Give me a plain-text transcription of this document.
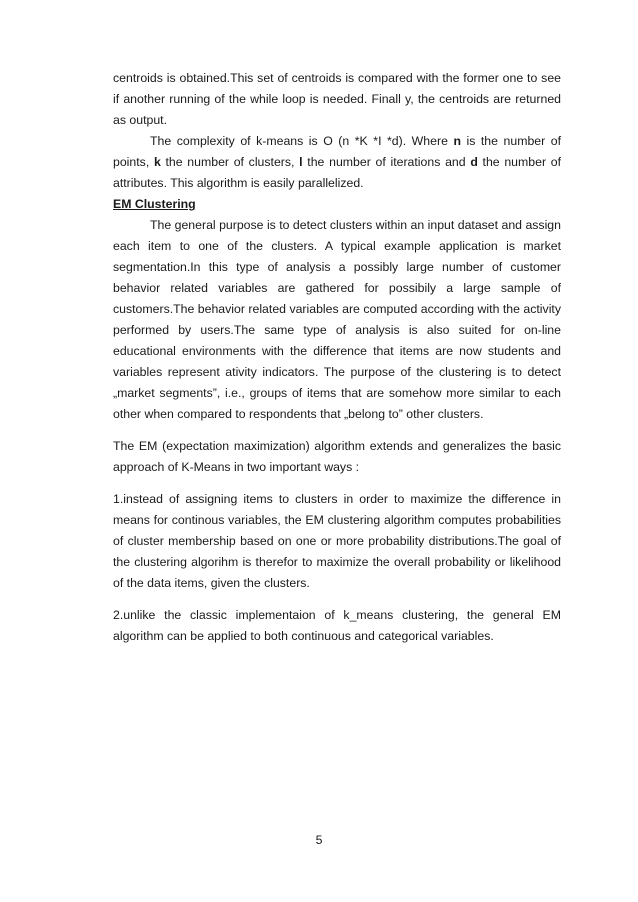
centroids is obtained.This set of centroids is compared with the former one to see if another running of the while loop is needed. Finall y, the centroids are returned as output.

The complexity of k-means is O (n *K *I *d). Where n is the number of points, k the number of clusters, l the number of iterations and d the number of attributes. This algorithm is easily parallelized.

EM Clustering

The general purpose is to detect clusters within an input dataset and assign each item to one of the clusters. A typical example application is market segmentation.In this type of analysis a possibly large number of customer behavior related variables are gathered for possibily a large sample of customers.The behavior related variables are computed according with the activity performed by users.The same type of analysis is also suited for on-line educational environments with the difference that items are now students and variables represent ativity indicators. The purpose of the clustering is to detect „market segments”, i.e., groups of items that are somehow more similar to each other when compared to respondents that „belong to” other clusters.

The EM (expectation maximization) algorithm extends and generalizes the basic approach of K-Means in two important ways :

1.instead of assigning items to clusters in order to maximize the difference in means for continous variables, the EM clustering algorithm computes probabilities of cluster membership based on one or more probability distributions.The goal of the clustering algorihm is therefor to maximize the overall probability or likelihood of the data items, given the clusters.

2.unlike the classic implementaion of k_means clustering, the general EM algorithm can be applied to both continuous and categorical variables.

5
